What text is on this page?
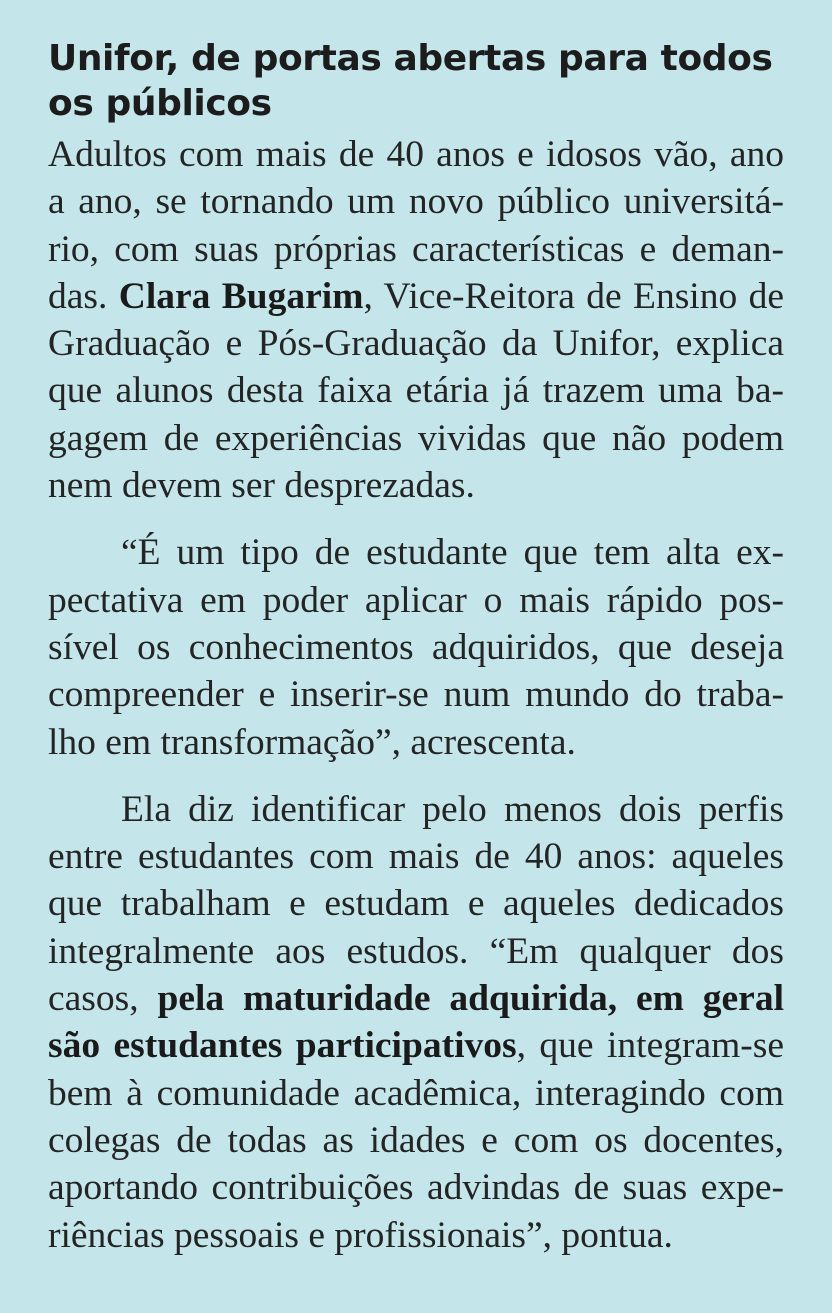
Unifor, de portas abertas para todos os públicos

Adultos com mais de 40 anos e idosos vão, ano a ano, se tornando um novo público universitário, com suas próprias características e demandas. Clara Bugarim, Vice-Reitora de Ensino de Graduação e Pós-Graduação da Unifor, explica que alunos desta faixa etária já trazem uma bagagem de experiências vividas que não podem nem devem ser desprezadas.

“É um tipo de estudante que tem alta expectativa em poder aplicar o mais rápido possível os conhecimentos adquiridos, que deseja compreender e inserir-se num mundo do trabalho em transformação”, acrescenta.

Ela diz identificar pelo menos dois perfis entre estudantes com mais de 40 anos: aqueles que trabalham e estudam e aqueles dedicados integralmente aos estudos. “Em qualquer dos casos, pela maturidade adquirida, em geral são estudantes participativos, que integram-se bem à comunidade acadêmica, interagindo com colegas de todas as idades e com os docentes, aportando contribuições advindas de suas experiências pessoais e profissionais”, pontua.
